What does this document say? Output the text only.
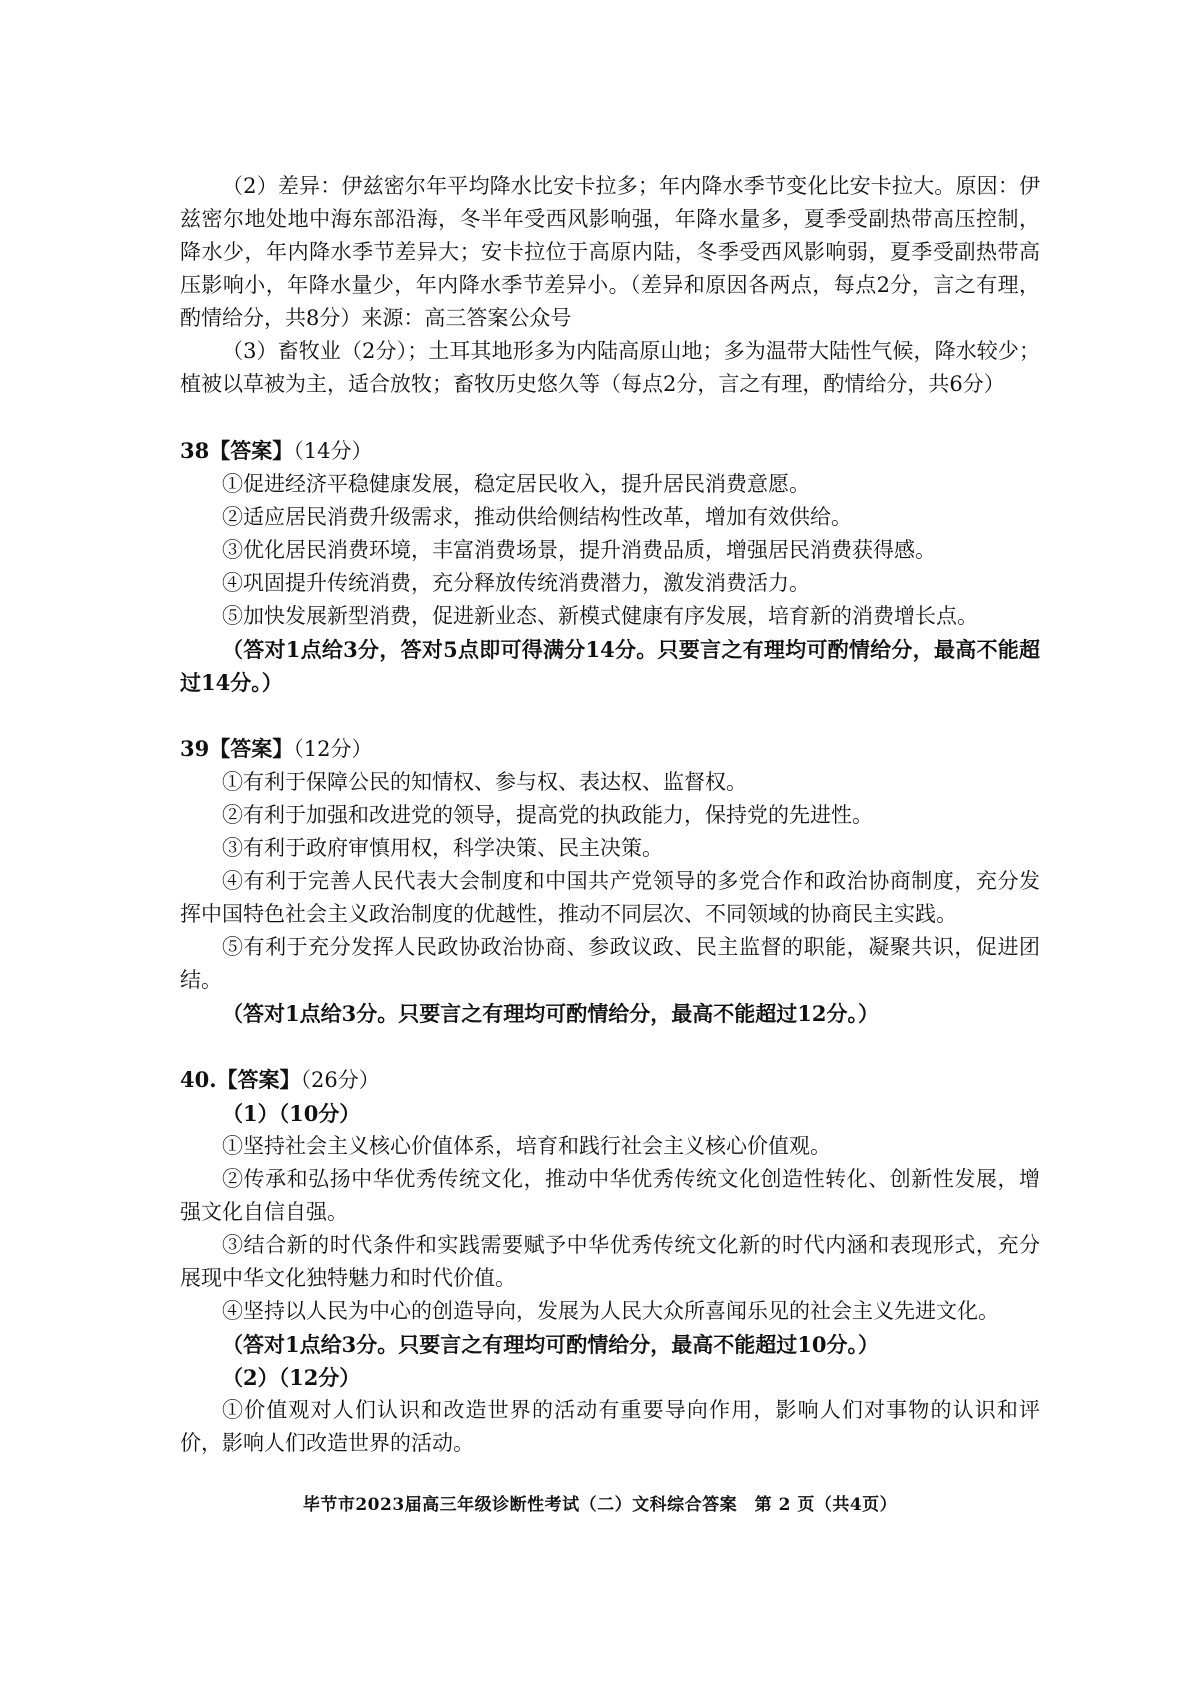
（2）差异：伊兹密尔年平均降水比安卡拉多；年内降水季节变化比安卡拉大。原因：伊兹密尔地处地中海东部沿海，冬半年受西风影响强，年降水量多，夏季受副热带高压控制，降水少，年内降水季节差异大；安卡拉位于高原内陆，冬季受西风影响弱，夏季受副热带高压影响小，年降水量少，年内降水季节差异小。（差异和原因各两点，每点2分，言之有理，酌情给分，共8分）来源：高三答案公众号

（3）畜牧业（2分）；土耳其地形多为内陆高原山地；多为温带大陆性气候，降水较少；植被以草被为主，适合放牧；畜牧历史悠久等（每点2分，言之有理，酌情给分，共6分）

38【答案】（14分）

①促进经济平稳健康发展，稳定居民收入，提升居民消费意愿。

②适应居民消费升级需求，推动供给侧结构性改革，增加有效供给。

③优化居民消费环境，丰富消费场景，提升消费品质，增强居民消费获得感。

④巩固提升传统消费，充分释放传统消费潜力，激发消费活力。

⑤加快发展新型消费，促进新业态、新模式健康有序发展，培育新的消费增长点。

（答对1点给3分，答对5点即可得满分14分。只要言之有理均可酌情给分，最高不能超过14分。）

39【答案】（12分）

①有利于保障公民的知情权、参与权、表达权、监督权。

②有利于加强和改进党的领导，提高党的执政能力，保持党的先进性。

③有利于政府审慎用权，科学决策、民主决策。

④有利于完善人民代表大会制度和中国共产党领导的多党合作和政治协商制度，充分发挥中国特色社会主义政治制度的优越性，推动不同层次、不同领域的协商民主实践。

⑤有利于充分发挥人民政协政治协商、参政议政、民主监督的职能，凝聚共识，促进团结。

（答对1点给3分。只要言之有理均可酌情给分，最高不能超过12分。）

40.【答案】（26分）

（1）（10分）

①坚持社会主义核心价值体系，培育和践行社会主义核心价值观。

②传承和弘扬中华优秀传统文化，推动中华优秀传统文化创造性转化、创新性发展，增强文化自信自强。

③结合新的时代条件和实践需要赋予中华优秀传统文化新的时代内涵和表现形式，充分展现中华文化独特魅力和时代价值。

④坚持以人民为中心的创造导向，发展为人民大众所喜闻乐见的社会主义先进文化。

（答对1点给3分。只要言之有理均可酌情给分，最高不能超过10分。）

（2）（12分）

①价值观对人们认识和改造世界的活动有重要导向作用，影响人们对事物的认识和评价，影响人们改造世界的活动。

毕节市2023届高三年级诊断性考试（二）文科综合答案　第 2 页（共4页）
